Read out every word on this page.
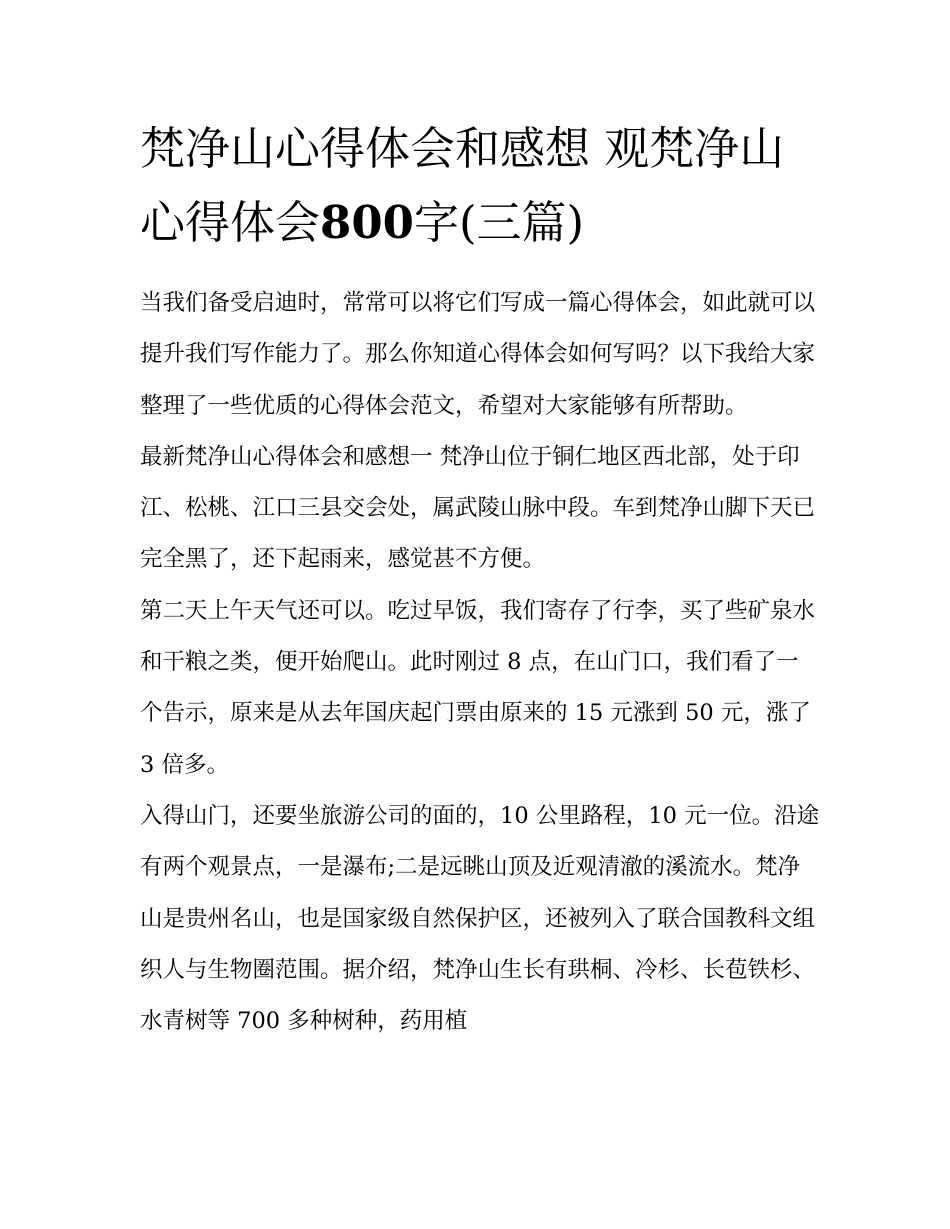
梵净山心得体会和感想 观梵净山心得体会800字(三篇)

当我们备受启迪时，常常可以将它们写成一篇心得体会，如此就可以提升我们写作能力了。那么你知道心得体会如何写吗？以下我给大家整理了一些优质的心得体会范文，希望对大家能够有所帮助。

最新梵净山心得体会和感想一 梵净山位于铜仁地区西北部，处于印江、松桃、江口三县交会处，属武陵山脉中段。车到梵净山脚下天已完全黑了，还下起雨来，感觉甚不方便。

第二天上午天气还可以。吃过早饭，我们寄存了行李，买了些矿泉水和干粮之类，便开始爬山。此时刚过 8 点，在山门口，我们看了一个告示，原来是从去年国庆起门票由原来的 15 元涨到 50 元，涨了 3 倍多。

入得山门，还要坐旅游公司的面的，10 公里路程，10 元一位。沿途有两个观景点，一是瀑布;二是远眺山顶及近观清澈的溪流水。梵净山是贵州名山，也是国家级自然保护区，还被列入了联合国教科文组织人与生物圈范围。据介绍，梵净山生长有珙桐、冷杉、长苞铁杉、水青树等 700 多种树种，药用植
